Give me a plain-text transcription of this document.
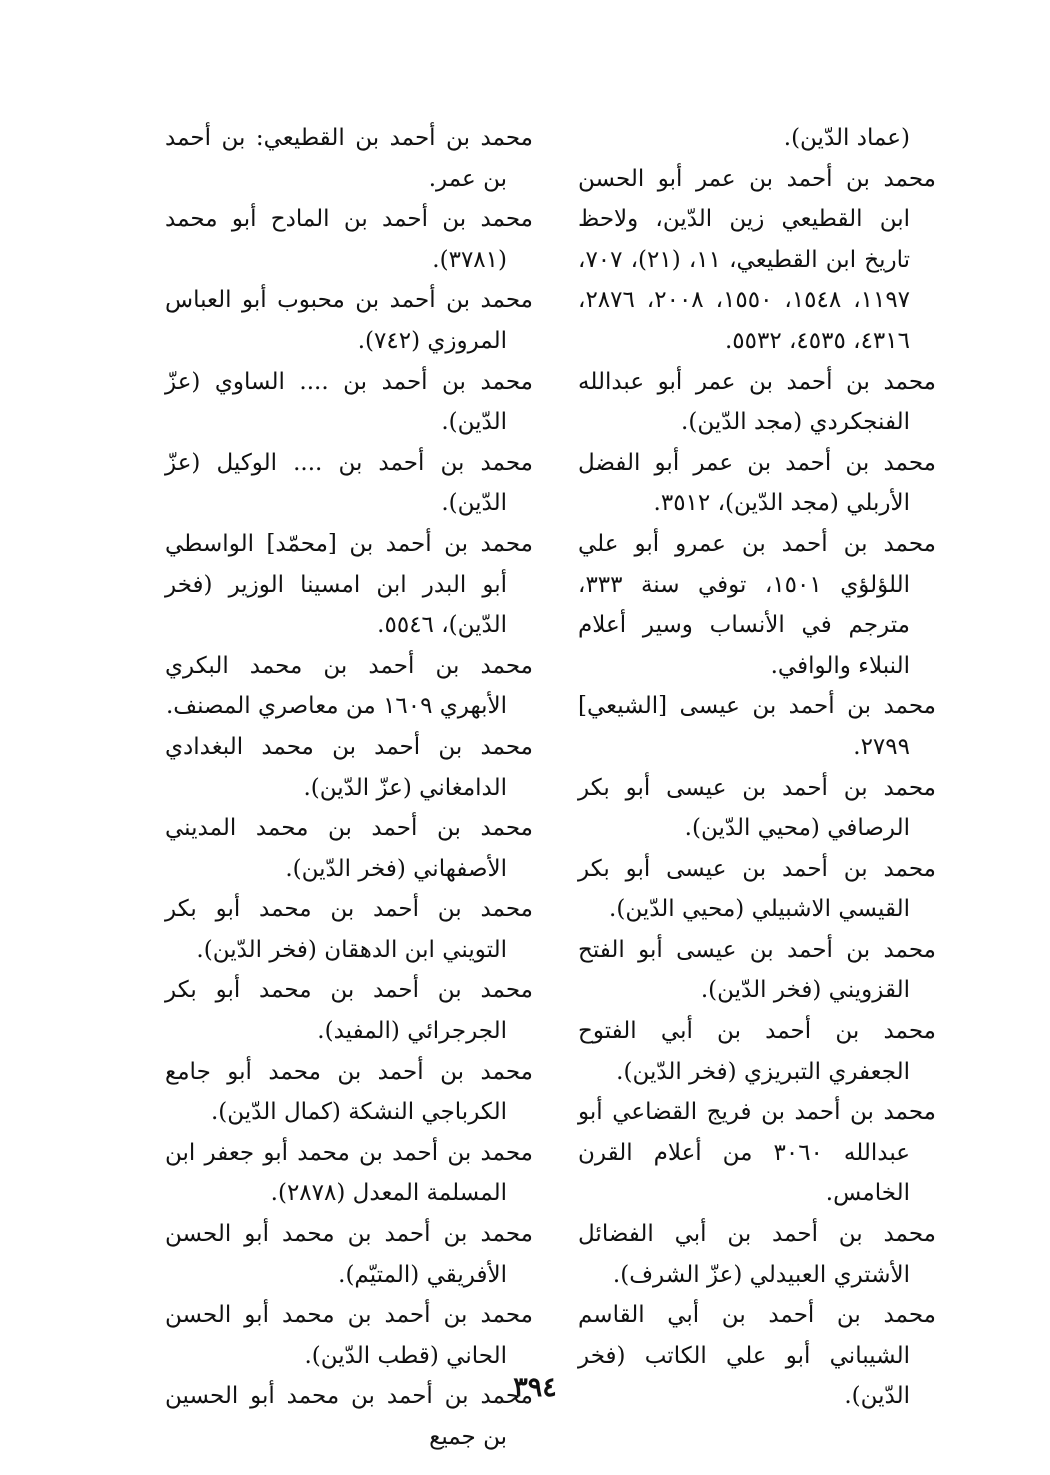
(عماد الدّين).

محمد بن أحمد بن عمر أبو الحسن ابن القطيعي زين الدّين، ولاحظ تاريخ ابن القطيعي، ١١، (٢١)، ٧٠٧، ١١٩٧، ١٥٤٨، ١٥٥٠، ٢٠٠٨، ٢٨٧٦، ٤٣١٦، ٤٥٣٥، ٥٥٣٢.

محمد بن أحمد بن عمر أبو عبدالله الفنجكردي (مجد الدّين).

محمد بن أحمد بن عمر أبو الفضل الأربلي (مجد الدّين)، ٣٥١٢.

محمد بن أحمد بن عمرو أبو علي اللؤلؤي ١٥٠١، توفي سنة ٣٣٣، مترجم في الأنساب وسير أعلام النبلاء والوافي.

محمد بن أحمد بن عيسى [الشيعي] ٢٧٩٩.

محمد بن أحمد بن عيسى أبو بكر الرصافي (محيي الدّين).

محمد بن أحمد بن عيسى أبو بكر القيسي الاشبيلي (محيي الدّين).

محمد بن أحمد بن عيسى أبو الفتح القزويني (فخر الدّين).

محمد بن أحمد بن أبي الفتوح الجعفري التبريزي (فخر الدّين).

محمد بن أحمد بن فريج القضاعي أبو عبدالله ٣٠٦٠ من أعلام القرن الخامس.

محمد بن أحمد بن أبي الفضائل الأشتري العبيدلي (عزّ الشرف).

محمد بن أحمد بن أبي القاسم الشيباني أبو علي الكاتب (فخر الدّين).

محمد بن أحمد بن القطيعي: بن أحمد بن عمر.

محمد بن أحمد بن المادح أبو محمد (٣٧٨١).

محمد بن أحمد بن محبوب أبو العباس المروزي (٧٤٢).

محمد بن أحمد بن .... الساوي (عزّ الدّين).

محمد بن أحمد بن .... الوكيل (عزّ الدّين).

محمد بن أحمد بن [محمّد] الواسطي أبو البدر ابن امسينا الوزير (فخر الدّين)، ٥٥٤٦.

محمد بن أحمد بن محمد البكري الأبهري ١٦٠٩ من معاصري المصنف.

محمد بن أحمد بن محمد البغدادي الدامغاني (عزّ الدّين).

محمد بن أحمد بن محمد المديني الأصفهاني (فخر الدّين).

محمد بن أحمد بن محمد أبو بكر التويني ابن الدهقان (فخر الدّين).

محمد بن أحمد بن محمد أبو بكر الجرجرائي (المفيد).

محمد بن أحمد بن محمد أبو جامع الكرباجي النشكة (كمال الدّين).

محمد بن أحمد بن محمد أبو جعفر ابن المسلمة المعدل (٢٨٧٨).

محمد بن أحمد بن محمد أبو الحسن الأفريقي (المتيّم).

محمد بن أحمد بن محمد أبو الحسن الحاني (قطب الدّين).

محمد بن أحمد بن محمد أبو الحسين بن جميع

٣٩٤
